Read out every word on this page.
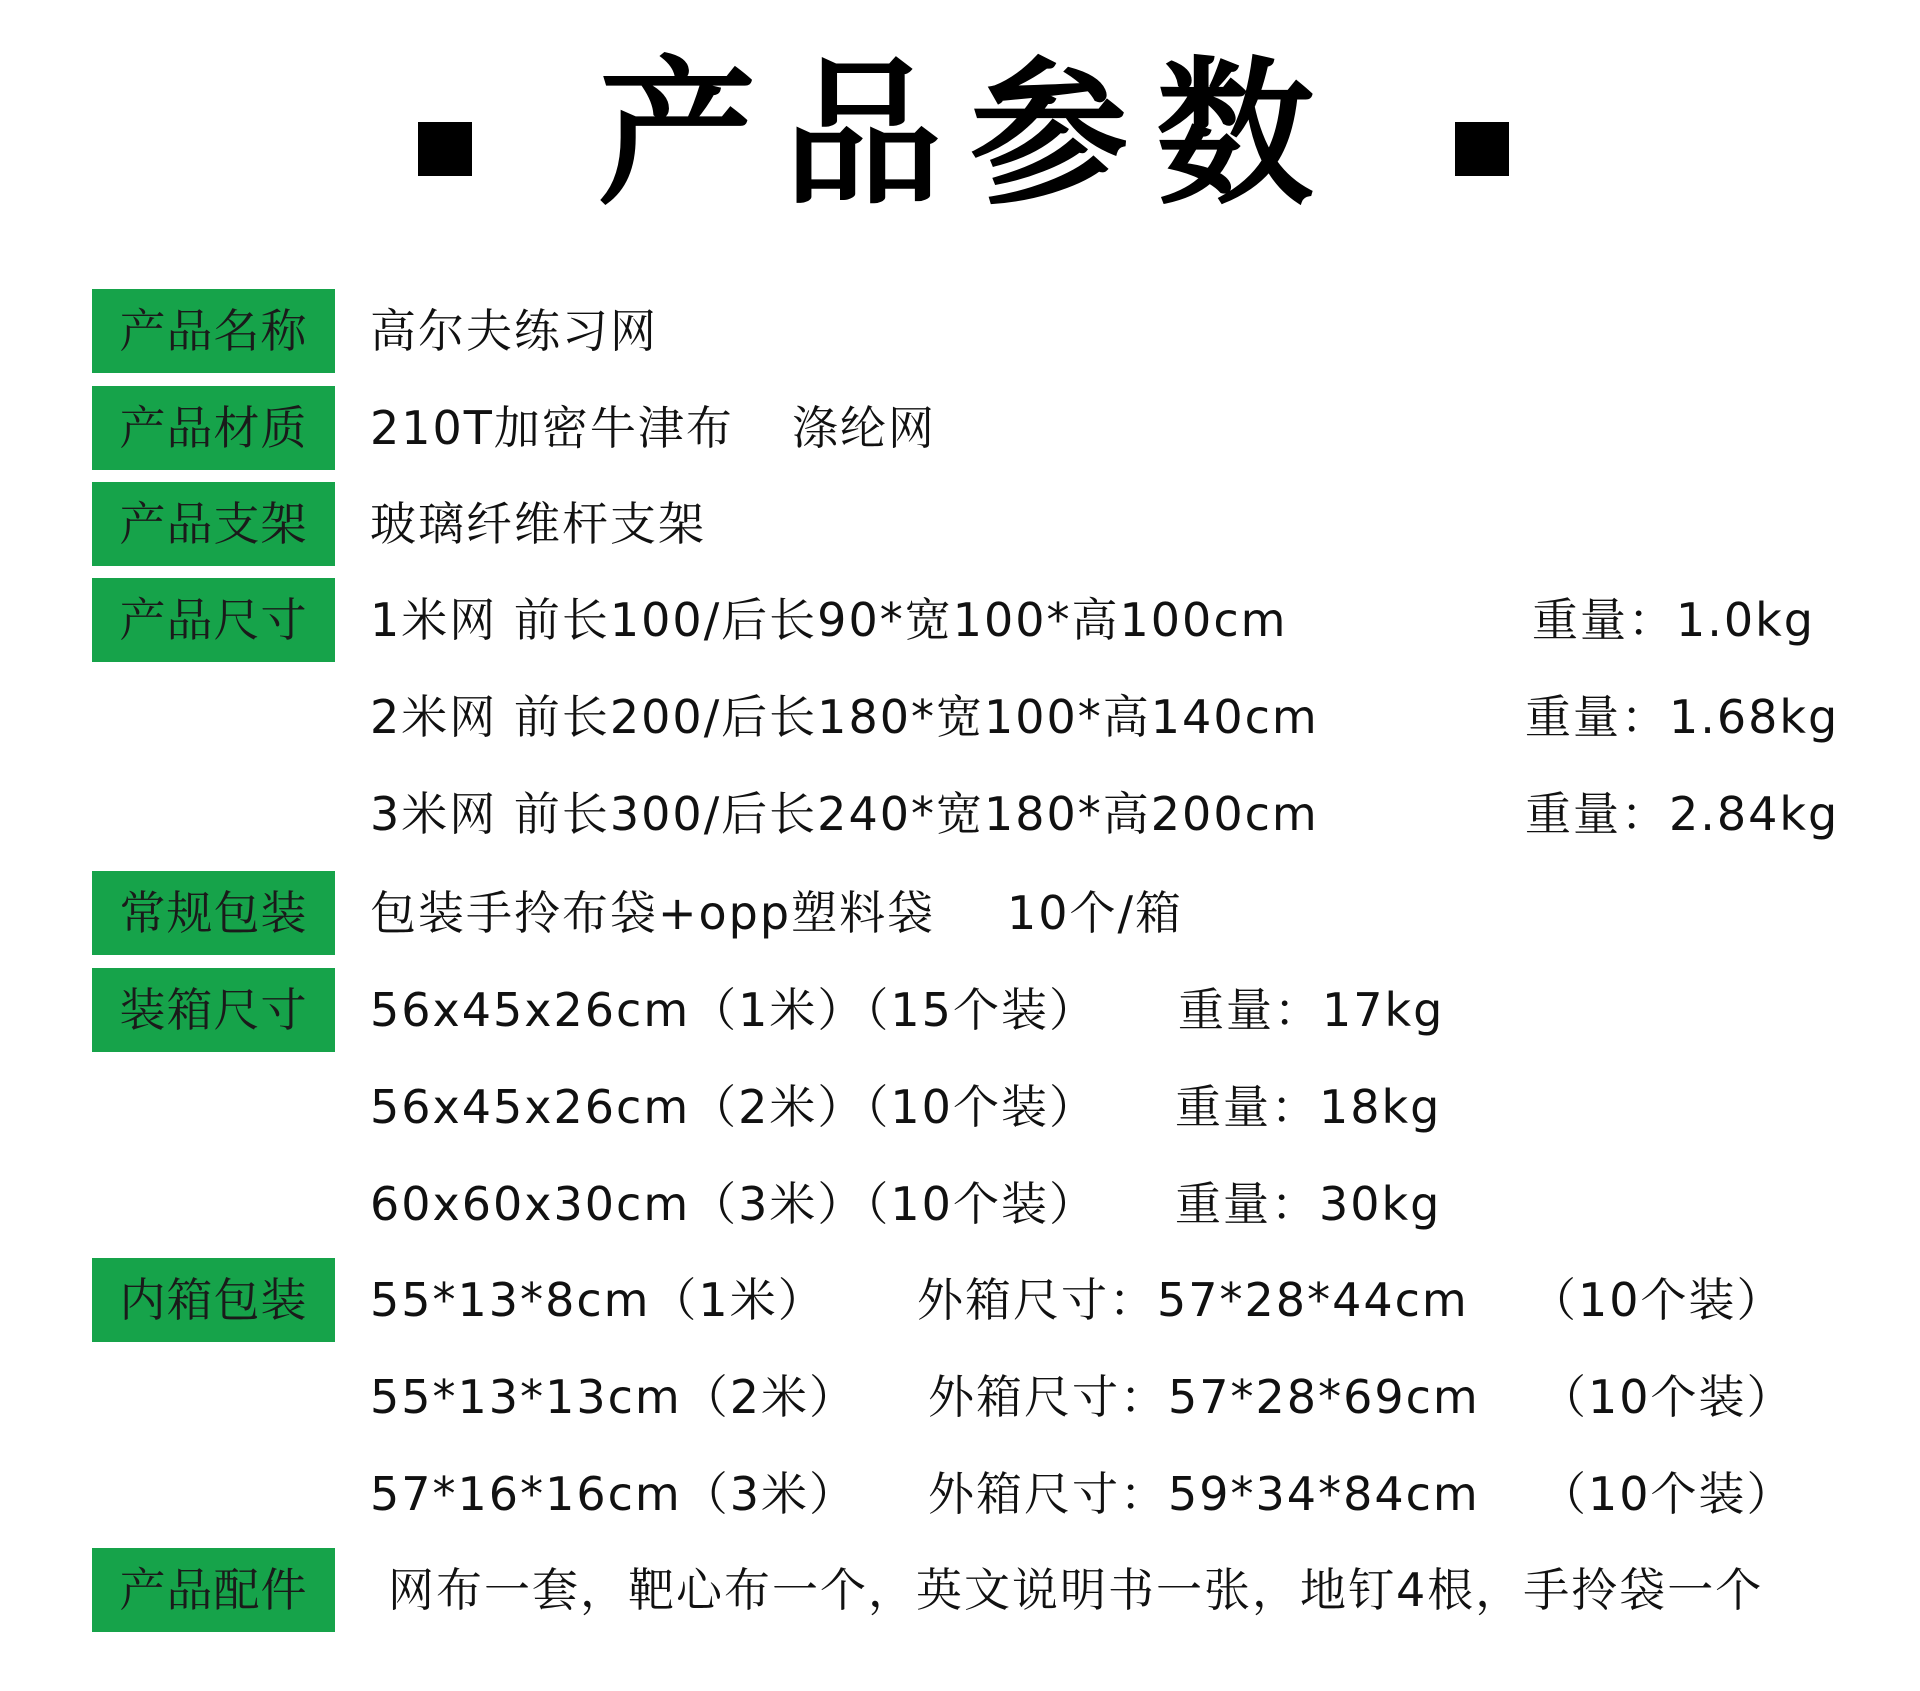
产品参数
产品名称	高尔夫练习网
产品材质	210T加密牛津布 涤纶网
产品支架	玻璃纤维杆支架
产品尺寸	1米网 前长100/后长90*宽100*高100cm	重量：1.0kg
2米网 前长200/后长180*宽100*高140cm	重量：1.68kg
3米网 前长300/后长240*宽180*高200cm	重量：2.84kg
常规包装	包装手拎布袋+opp塑料袋 10个/箱
装箱尺寸	56x45x26cm（1米）（15个装） 重量：17kg
56x45x26cm（2米）（10个装） 重量：18kg
60x60x30cm（3米）（10个装） 重量：30kg
内箱包装	55*13*8cm（1米） 外箱尺寸：57*28*44cm （10个装）
55*13*13cm（2米） 外箱尺寸：57*28*69cm （10个装）
57*16*16cm（3米） 外箱尺寸：59*34*84cm （10个装）
产品配件	网布一套，靶心布一个，英文说明书一张，地钉4根，手拎袋一个
